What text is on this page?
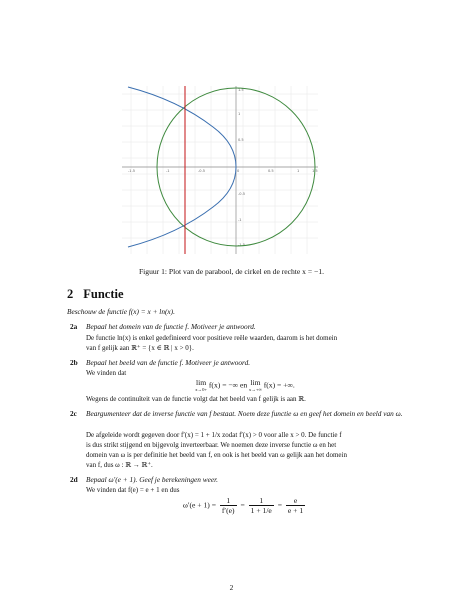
-1.5	-1	-0.5	0	0.5	1	1.5
1.5
1
0.5
-0.5
-1
-1.5
Figuur 1: Plot van de parabool, de cirkel en de rechte x = −1.
2 Functie
Beschouw de functie f(x) = x + ln(x).
2a Bepaal het domein van de functie f. Motiveer je antwoord.
De functie ln(x) is enkel gedefinieerd voor positieve reële waarden, daarom is het domein
van f gelijk aan ℝ⁺ = {x ∈ ℝ | x > 0}.
2b Bepaal het beeld van de functie f. Motiveer je antwoord.
We vinden dat
lim
x→0+
f(x) = −∞ en lim
x→+∞
f(x) = +∞.
Wegens de continuïteit van de functie volgt dat het beeld van f gelijk is aan ℝ.
2c Beargumenteer dat de inverse functie van f bestaat. Noem deze functie ω en geef het domein en beeld van ω.
De afgeleide wordt gegeven door f′(x) = 1 + 1/x zodat f′(x) > 0 voor alle x > 0. De functie f
is dus strikt stijgend en bijgevolg inverteerbaar. We noemen deze inverse functie ω en het
domein van ω is per definitie het beeld van f, en ook is het beeld van ω gelijk aan het domein
van f, dus ω : ℝ → ℝ⁺.
2d Bepaal ω′(e + 1). Geef je berekeningen weer.
We vinden dat f(e) = e + 1 en dus
$\omega'(e + 1) = \frac{1}{f'(e)} = \frac{1}{1 + 1/e} = \frac{e}{e + 1}$
2
